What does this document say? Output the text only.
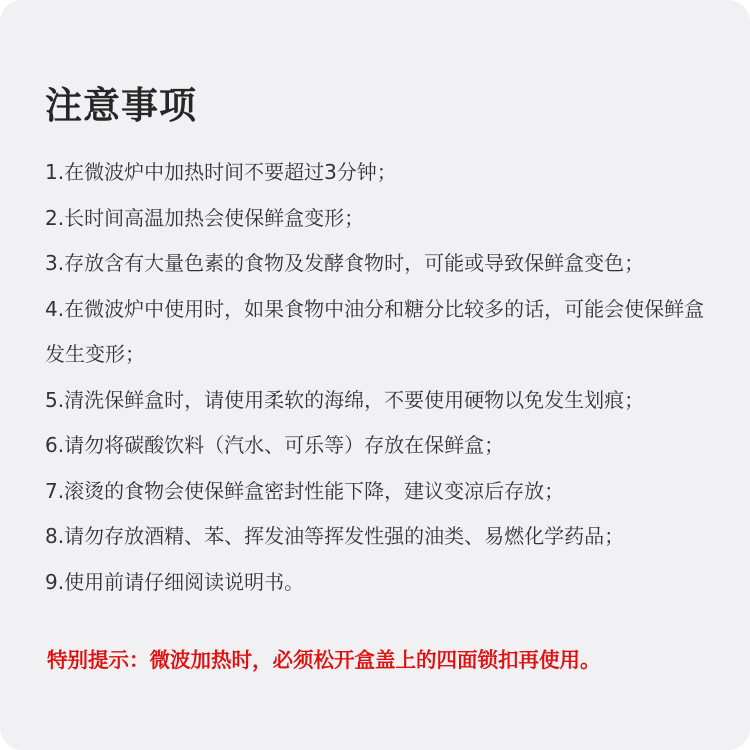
注意事项
1.在微波炉中加热时间不要超过3分钟；
2.长时间高温加热会使保鲜盒变形；
3.存放含有大量色素的食物及发酵食物时，可能或导致保鲜盒变色；
4.在微波炉中使用时，如果食物中油分和糖分比较多的话，可能会使保鲜盒发生变形；
5.清洗保鲜盒时，请使用柔软的海绵，不要使用硬物以免发生划痕；
6.请勿将碳酸饮料（汽水、可乐等）存放在保鲜盒；
7.滚烫的食物会使保鲜盒密封性能下降，建议变凉后存放；
8.请勿存放酒精、苯、挥发油等挥发性强的油类、易燃化学药品；
9.使用前请仔细阅读说明书。

特别提示：微波加热时，必须松开盒盖上的四面锁扣再使用。
